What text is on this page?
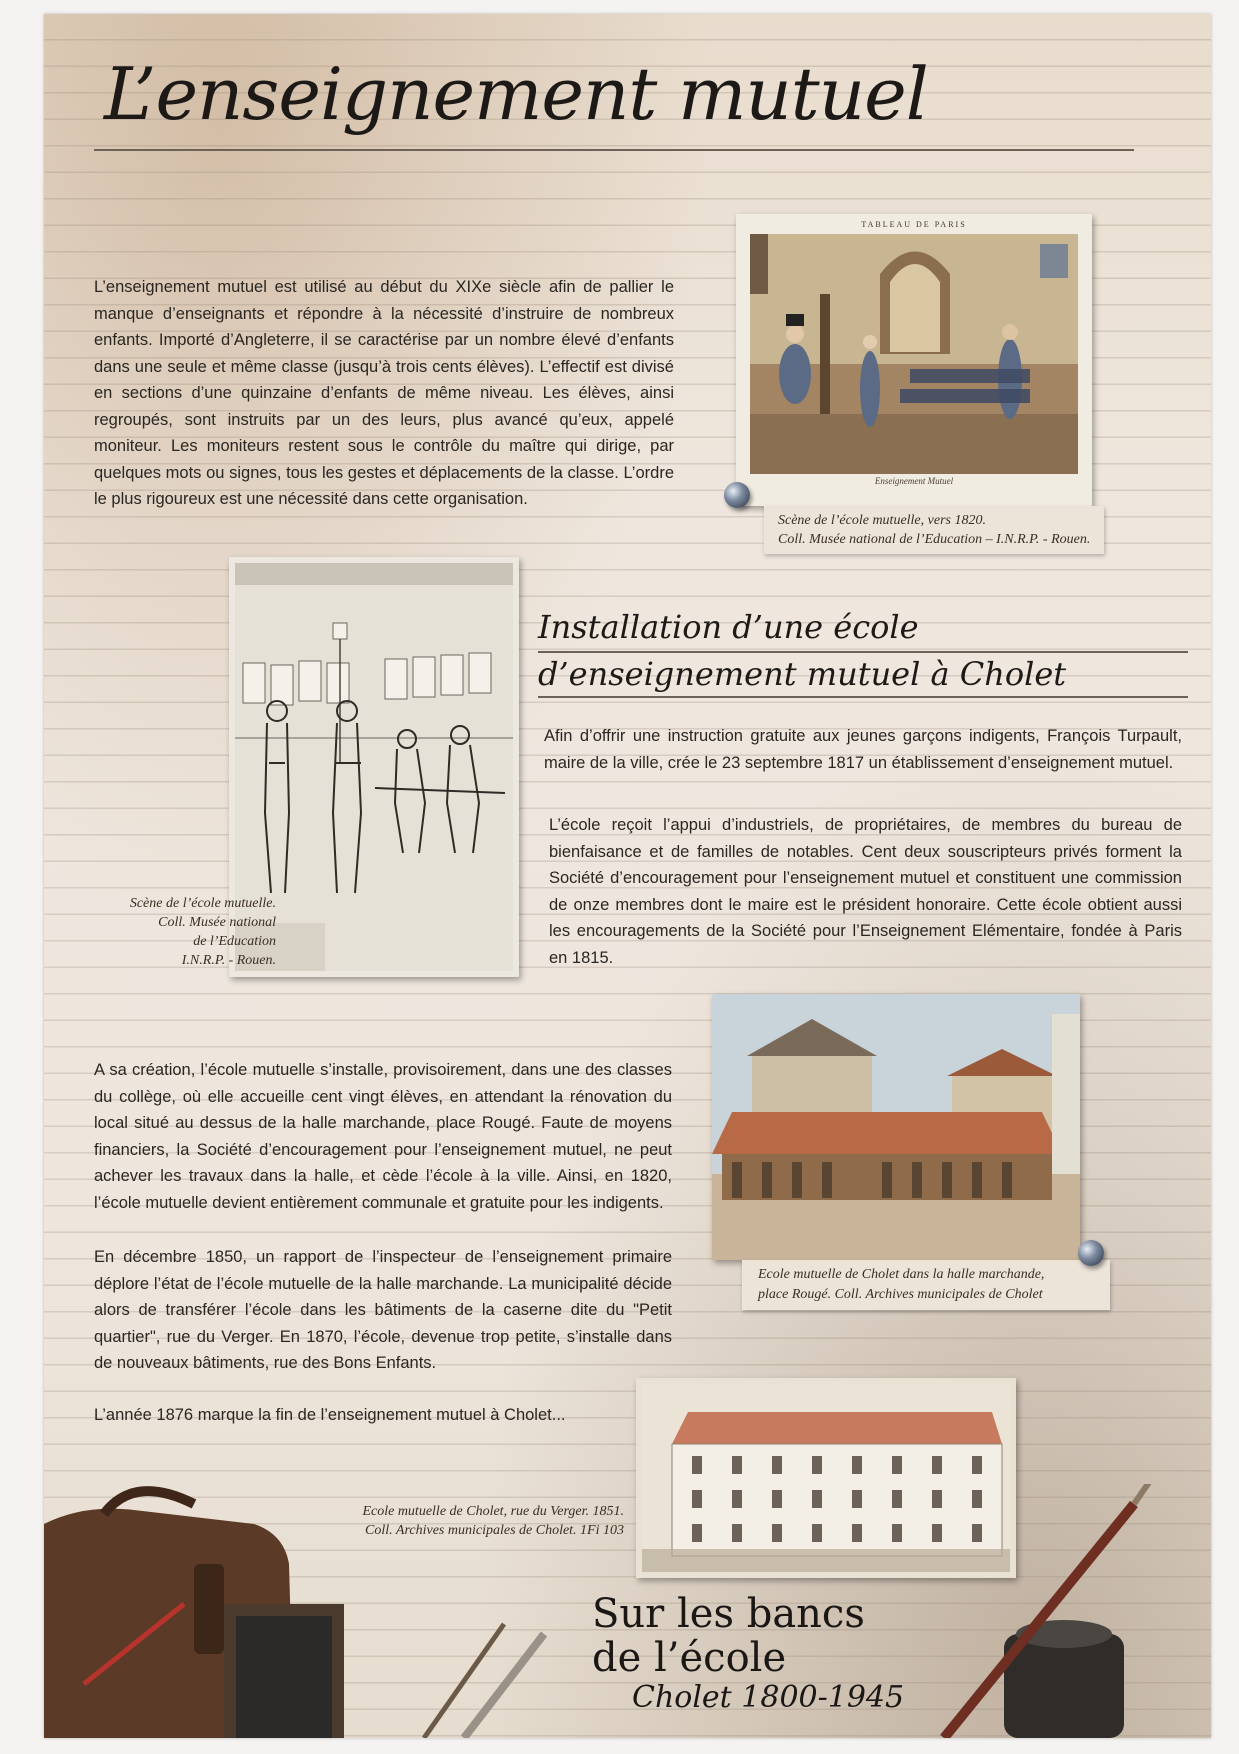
L’enseignement mutuel

L’enseignement mutuel est utilisé au début du XIXe siècle afin de pallier le manque d’enseignants et répondre à la nécessité d’instruire de nombreux enfants. Importé d’Angleterre, il se caractérise par un nombre élevé d’enfants dans une seule et même classe (jusqu’à trois cents élèves). L’effectif est divisé en sections d’une quinzaine d’enfants de même niveau. Les élèves, ainsi regroupés, sont instruits par un des leurs, plus avancé qu’eux, appelé moniteur. Les moniteurs restent sous le contrôle du maître qui dirige, par quelques mots ou signes, tous les gestes et déplacements de la classe. L’ordre le plus rigoureux est une nécessité dans cette organisation.

TABLEAU DE PARIS
Enseignement Mutuel
Scène de l’école mutuelle, vers 1820.
Coll. Musée national de l’Education – I.N.R.P. - Rouen.
Scène de l’école mutuelle.
Coll. Musée national
de l’Education
I.N.R.P. - Rouen.
Installation d’une école
d’enseignement mutuel à Cholet

Afin d’offrir une instruction gratuite aux jeunes garçons indigents, François Turpault, maire de la ville, crée le 23 septembre 1817 un établissement d’enseignement mutuel.

L’école reçoit l’appui d’industriels, de propriétaires, de membres du bureau de bienfaisance et de familles de notables. Cent deux souscripteurs privés forment la Société d’encouragement pour l’enseignement mutuel et constituent une commission de onze membres dont le maire est le président honoraire. Cette école obtient aussi les encouragements de la Société pour l’Enseignement Elémentaire, fondée à Paris en 1815.

Ecole mutuelle de Cholet dans la halle marchande,
place Rougé. Coll. Archives municipales de Cholet

A sa création, l’école mutuelle s’installe, provisoirement, dans une des classes du collège, où elle accueille cent vingt élèves, en attendant la rénovation du local situé au dessus de la halle marchande, place Rougé. Faute de moyens financiers, la Société d’encouragement pour l’enseignement mutuel, ne peut achever les travaux dans la halle, et cède l’école à la ville. Ainsi, en 1820, l’école mutuelle devient entièrement communale et gratuite pour les indigents.

En décembre 1850, un rapport de l’inspecteur de l’enseignement primaire déplore l’état de l’école mutuelle de la halle marchande. La municipalité décide alors de transférer l’école dans les bâtiments de la caserne dite du "Petit quartier", rue du Verger. En 1870, l’école, devenue trop petite, s’installe dans de nouveaux bâtiments, rue des Bons Enfants.

L’année 1876 marque la fin de l’enseignement mutuel à Cholet...

Ecole mutuelle de Cholet, rue du Verger. 1851.
Coll. Archives municipales de Cholet. 1Fi 103
Sur les bancs
de l’école
Cholet 1800-1945
